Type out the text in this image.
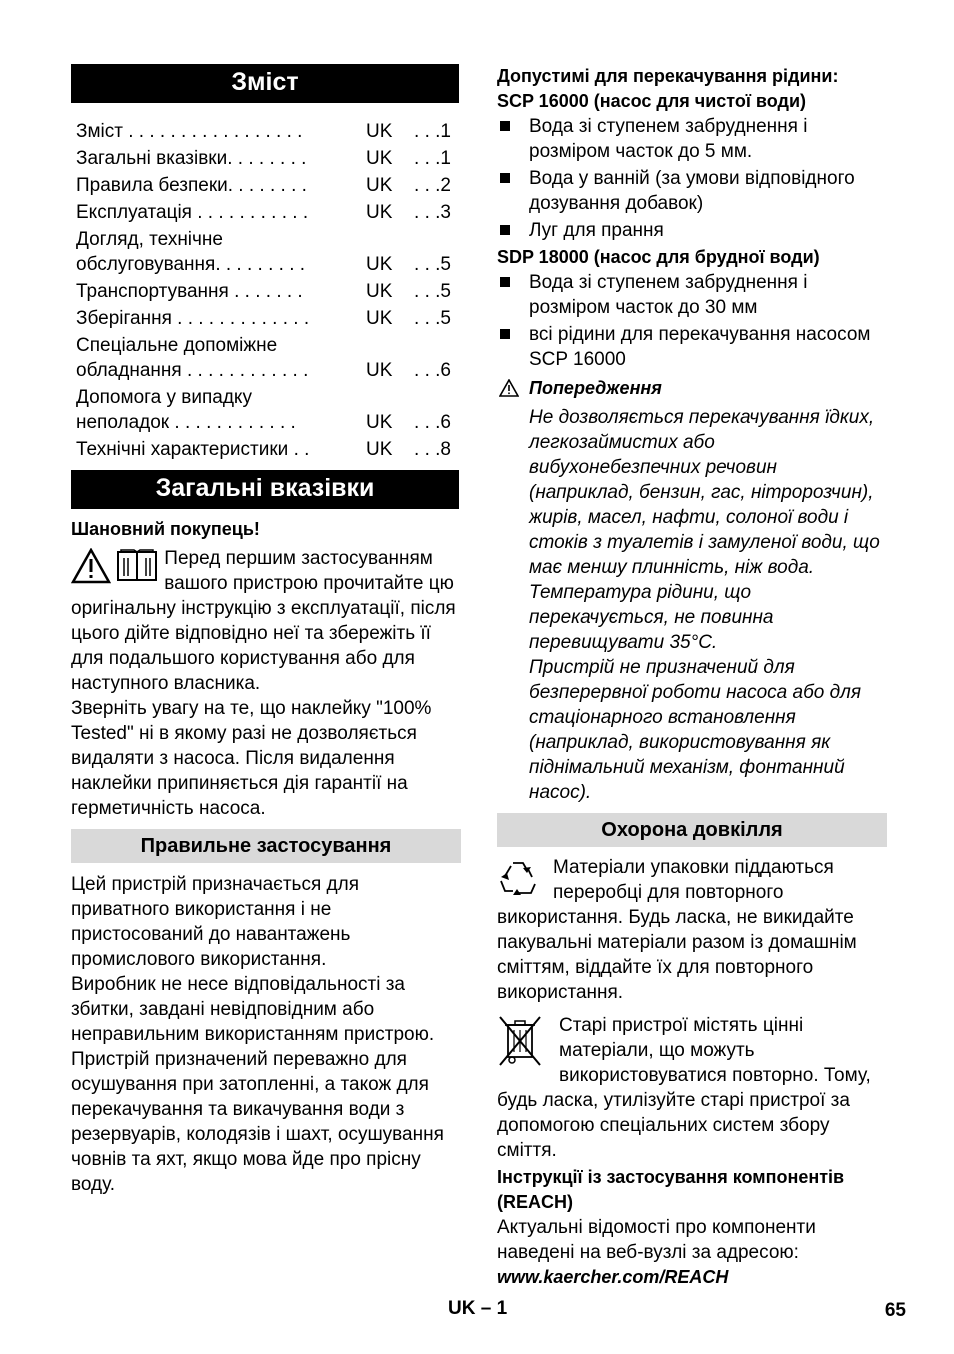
Зміст
Зміст . . . . . . . . . . . . . . . . .	UK . . .1
Загальні вказівки. . . . . . . .	UK . . .1
Правила безпеки. . . . . . . .	UK . . .2
Експлуатація . . . . . . . . . . .	UK . . .3
Догляд, технічне обслуговування. . . . . . . . .	UK . . .5
Транспортування . . . . . . .	UK . . .5
Зберігання . . . . . . . . . . . . .	UK . . .5
Спеціальне допоміжне обладнання . . . . . . . . . . . .	UK . . .6
Допомога у випадку неполадок . . . . . . . . . . . .	UK . . .6
Технічні характеристики . .	UK . . .8
Загальні вказівки

Шановний покупець!

Перед першим застосуванням вашого пристрою прочитайте цю оригінальну інструкцію з експлуатації, після цього дійте відповідно неї та збережіть її для подальшого користування або для наступного власника.

Зверніть увагу на те, що наклейку "100% Tested" ні в якому разі не дозволяється видаляти з насоса. Після видалення наклейки припиняється дія гарантії на герметичність насоса.

Правильне застосування

Цей пристрій призначається для приватного використання і не пристосований до навантажень промислового використання.

Виробник не несе відповідальності за збитки, завдані невідповідним або неправильним використанням пристрою.

Пристрій призначений переважно для осушування при затопленні, а також для перекачування та викачування води з резервуарів, колодязів і шахт, осушування човнів та яхт, якщо мова йде про прісну воду.

Допустимі для перекачування рідини:

SCP 16000 (насос для чистої води)

Вода зі ступенем забруднення і розміром часток до 5 мм.
Вода у ванній (за умови відповідного дозування добавок)
Луг для прання

SDP 18000 (насос для брудної води)

Вода зі ступенем забруднення і розміром часток до 30 мм
всі рідини для перекачування насосом SCP 16000

Попередження

Не дозволяється перекачування їдких, легкозаймистих або вибухонебезпечних речовин (наприклад, бензин, гас, нітророзчин), жирів, масел, нафти, солоної води і стоків з туалетів і замуленої води, що має меншу плинність, ніж вода.

Температура рідини, що перекачується, не повинна перевищувати 35°C.

Пристрій не призначений для безперервної роботи насоса або для стаціонарного встановлення (наприклад, використовування як піднімальний механізм, фонтанний насос).

Охорона довкілля

Матеріали упаковки піддаються переробці для повторного використання. Будь ласка, не викидайте пакувальні матеріали разом із домашнім сміттям, віддайте їх для повторного використання.

Старі пристрої містять цінні матеріали, що можуть використовуватися повторно. Тому, будь ласка, утилізуйте старі пристрої за допомогою спеціальних систем збору сміття.

Інструкції із застосування компонентів (REACH)

Актуальні відомості про компоненти наведені на веб-вузлі за адресою:

www.kaercher.com/REACH

UK – 1	65
